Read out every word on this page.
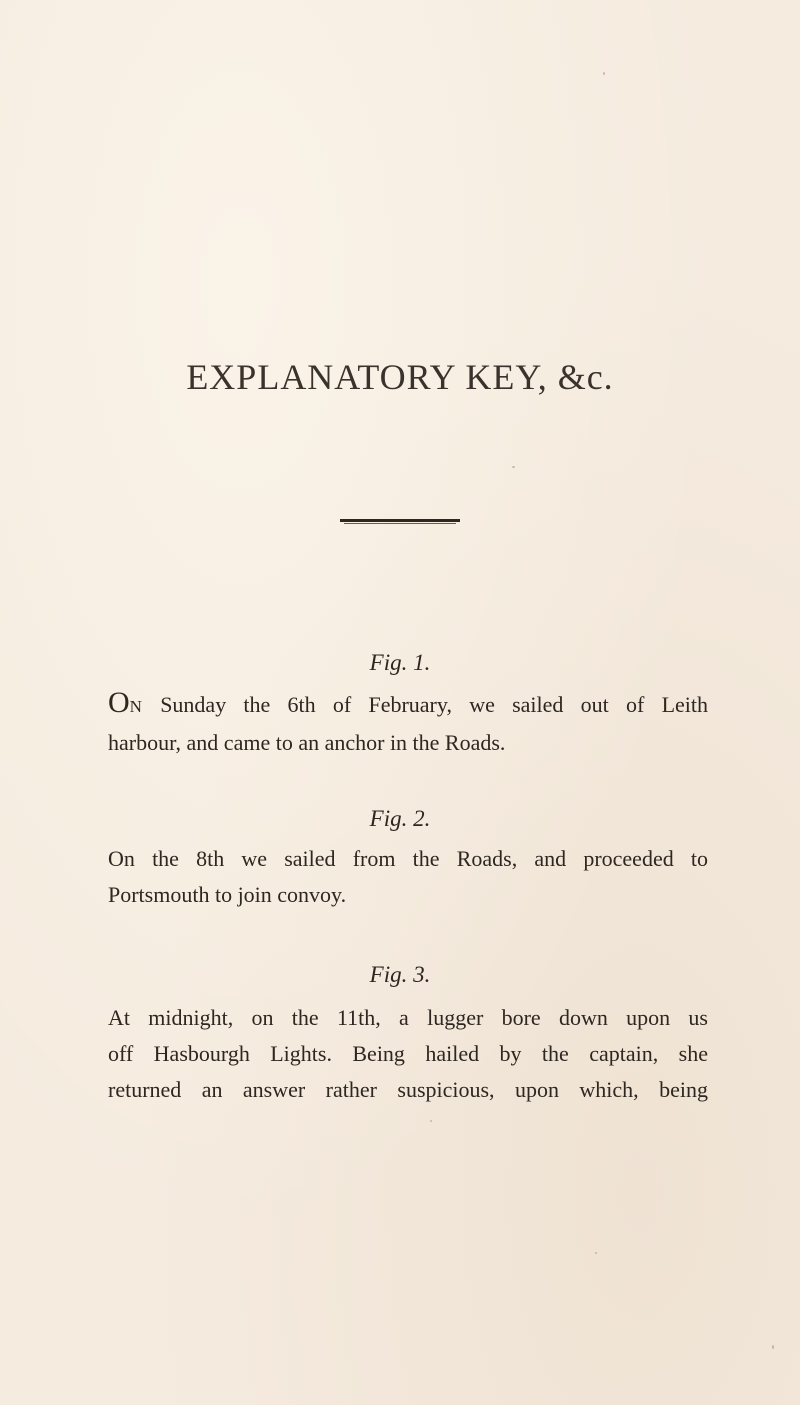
EXPLANATORY KEY, &c.
Fig. 1.
ON Sunday the 6th of February, we sailed out of Leith
harbour, and came to an anchor in the Roads.
Fig. 2.
On the 8th we sailed from the Roads, and proceeded to
Portsmouth to join convoy.
Fig. 3.
At midnight, on the 11th, a lugger bore down upon us
off Hasbourgh Lights. Being hailed by the captain, she
returned an answer rather suspicious, upon which, being
